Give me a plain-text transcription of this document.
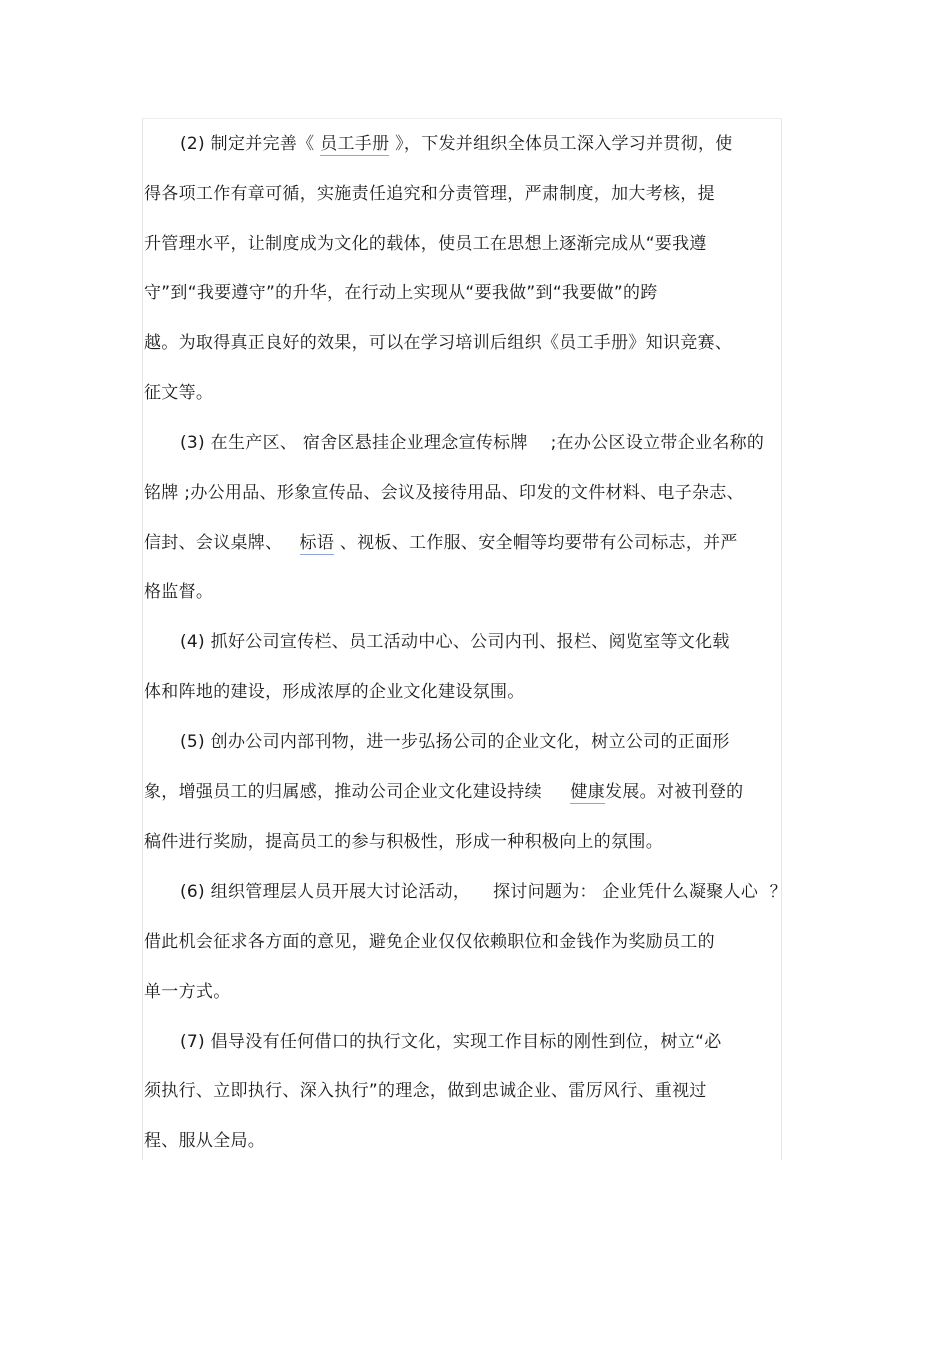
(2) 制定并完善《 员工手册 》，下发并组织全体员工深入学习并贯彻，使
得各项工作有章可循，实施责任追究和分责管理，严肃制度，加大考核，提
升管理水平，让制度成为文化的载体，使员工在思想上逐渐完成从“要我遵
守”到“我要遵守”的升华，在行动上实现从“要我做”到“我要做”的跨
越。为取得真正良好的效果，可以在学习培训后组织《员工手册》知识竞赛、
征文等。
(3) 在生产区、 宿舍区悬挂企业理念宣传标牌    ;在办公区设立带企业名称的
铭牌 ;办公用品、形象宣传品、会议及接待用品、印发的文件材料、电子杂志、
信封、会议桌牌、   标语 、视板、工作服、安全帽等均要带有公司标志，并严
格监督。
(4) 抓好公司宣传栏、员工活动中心、公司内刊、报栏、阅览室等文化载
体和阵地的建设，形成浓厚的企业文化建设氛围。
(5) 创办公司内部刊物，进一步弘扬公司的企业文化，树立公司的正面形
象，增强员工的归属感，推动公司企业文化建设持续     健康发展。对被刊登的
稿件进行奖励，提高员工的参与积极性，形成一种积极向上的氛围。
(6) 组织管理层人员开展大讨论活动，    探讨问题为： 企业凭什么凝聚人心  ？
借此机会征求各方面的意见，避免企业仅仅依赖职位和金钱作为奖励员工的
单一方式。
(7) 倡导没有任何借口的执行文化，实现工作目标的刚性到位，树立“必
须执行、立即执行、深入执行”的理念，做到忠诚企业、雷厉风行、重视过
程、服从全局。
